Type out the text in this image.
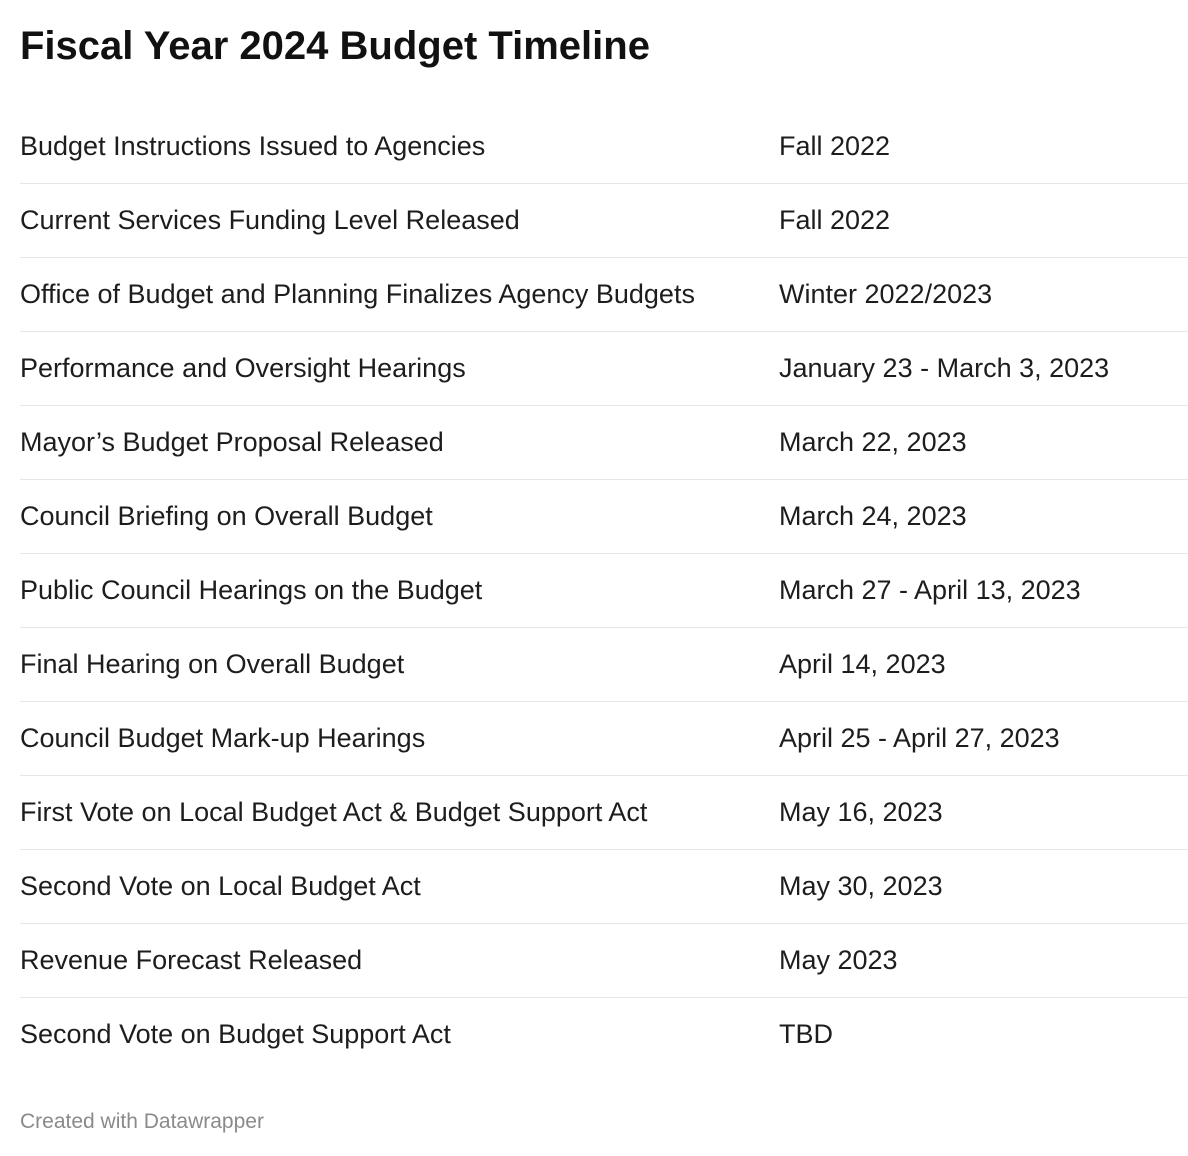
Fiscal Year 2024 Budget Timeline
Budget Instructions Issued to Agencies	Fall 2022
Current Services Funding Level Released	Fall 2022
Office of Budget and Planning Finalizes Agency Budgets	Winter 2022/2023
Performance and Oversight Hearings	January 23 - March 3, 2023
Mayor’s Budget Proposal Released	March 22, 2023
Council Briefing on Overall Budget	March 24, 2023
Public Council Hearings on the Budget	March 27 - April 13, 2023
Final Hearing on Overall Budget	April 14, 2023
Council Budget Mark-up Hearings	April 25 - April 27, 2023
First Vote on Local Budget Act & Budget Support Act	May 16, 2023
Second Vote on Local Budget Act	May 30, 2023
Revenue Forecast Released	May 2023
Second Vote on Budget Support Act	TBD
Created with Datawrapper
